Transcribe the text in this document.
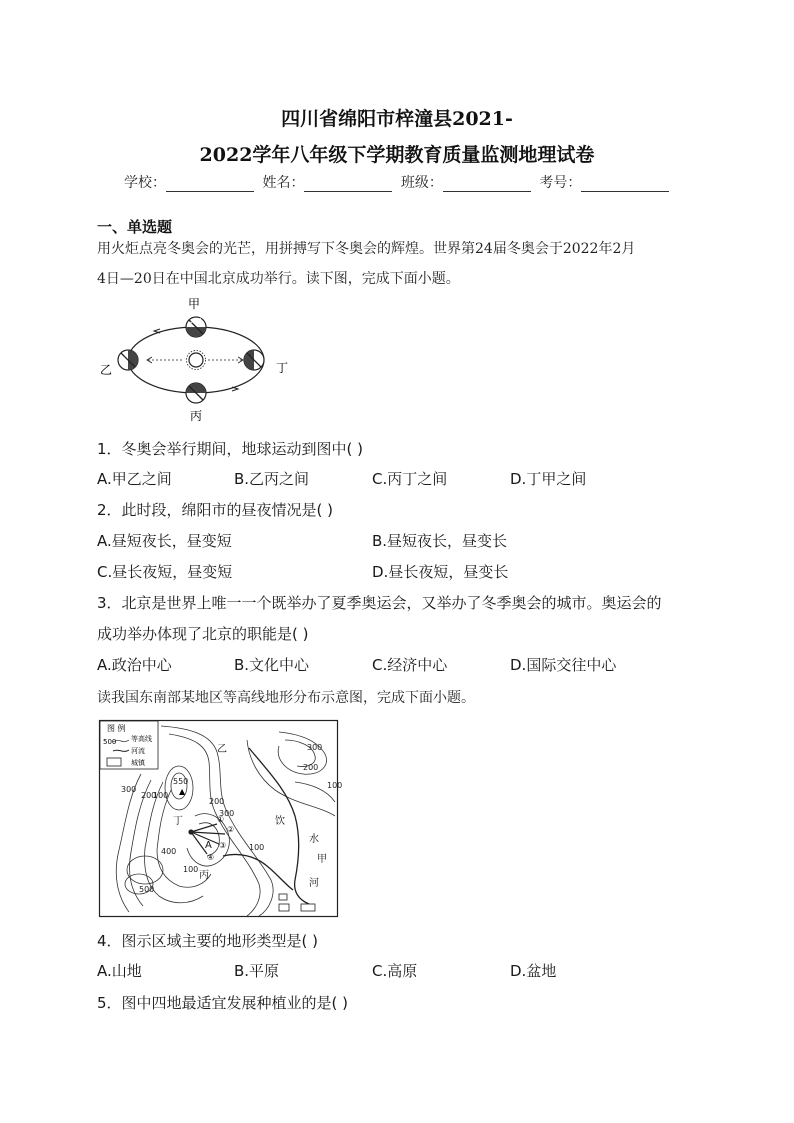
四川省绵阳市梓潼县2021-
2022学年八年级下学期教育质量监测地理试卷
学校：	姓名：	班级：	考号：
一、单选题
用火炬点亮冬奥会的光芒，用拼搏写下冬奥会的辉煌。世界第24届冬奥会于2022年2月
4日—20日在中国北京成功举行。读下图，完成下面小题。
甲
乙
丙
丁
1．冬奥会举行期间，地球运动到图中( )
A.甲乙之间	B.乙丙之间	C.丙丁之间	D.丁甲之间
2．此时段，绵阳市的昼夜情况是( )
A.昼短夜长，昼变短	B.昼短夜长，昼变长
C.昼长夜短，昼变短	D.昼长夜短，昼变长
3．北京是世界上唯一一个既举办了夏季奥运会，又举办了冬季奥会的城市。奥运会的
成功举办体现了北京的职能是( )
A.政治中心	B.文化中心	C.经济中心	D.国际交往中心
读我国东南部某地区等高线地形分布示意图，完成下面小题。
图 例
500 等高线
河流
城镇
300
200
100
550
200
300
400
100
500
100
300
200
100
乙
丁
丙
A
饮
水
甲
河
①
②
③
④
▲
4．图示区域主要的地形类型是( )
A.山地	B.平原	C.高原	D.盆地
5．图中四地最适宜发展种植业的是( )
